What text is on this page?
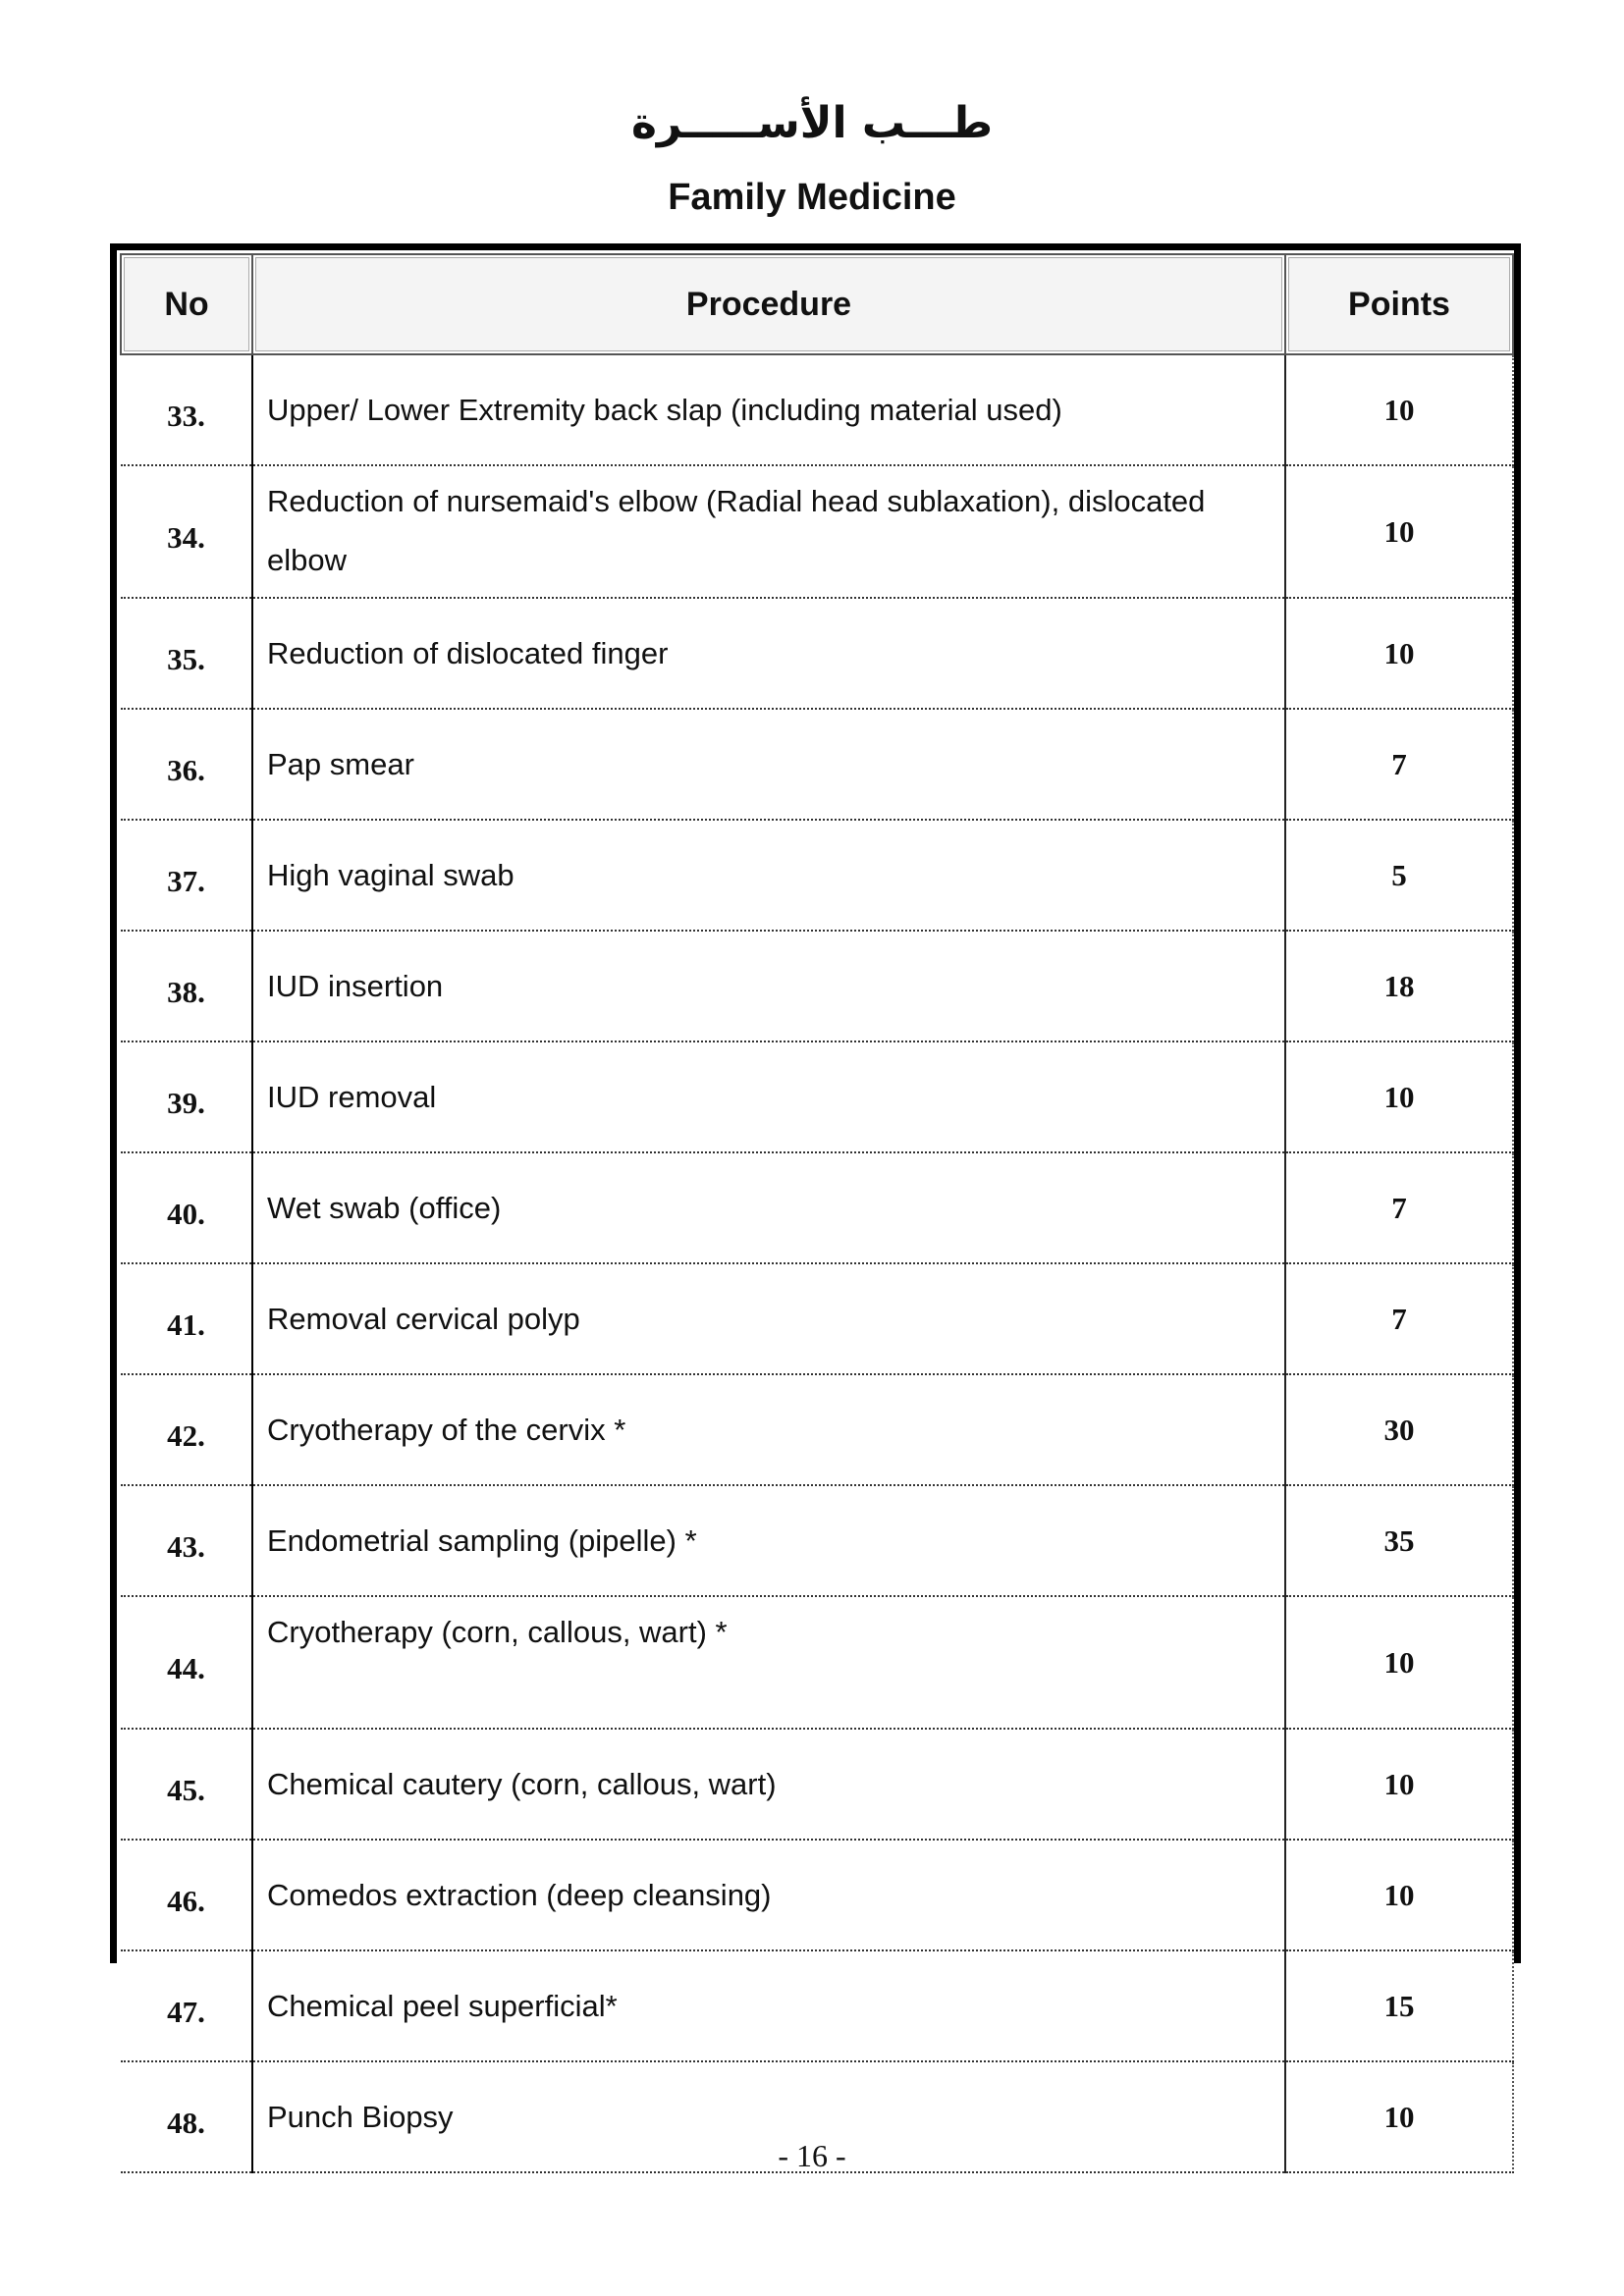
طـــب الأســـــرة
Family Medicine
No	Procedure	Points
33.	Upper/ Lower Extremity back slap (including material used)	10
34.	Reduction of nursemaid's elbow (Radial head sublaxation), dislocated elbow	10
35.	Reduction of dislocated finger	10
36.	Pap smear	7
37.	High vaginal swab	5
38.	IUD insertion	18
39.	IUD removal	10
40.	Wet swab (office)	7
41.	Removal cervical polyp	7
42.	Cryotherapy of the cervix *	30
43.	Endometrial sampling (pipelle) *	35
44.	Cryotherapy (corn, callous, wart) *	10
45.	Chemical cautery (corn, callous, wart)	10
46.	Comedos extraction (deep cleansing)	10
47.	Chemical peel superficial*	15
48.	Punch Biopsy	10
- 16 -
